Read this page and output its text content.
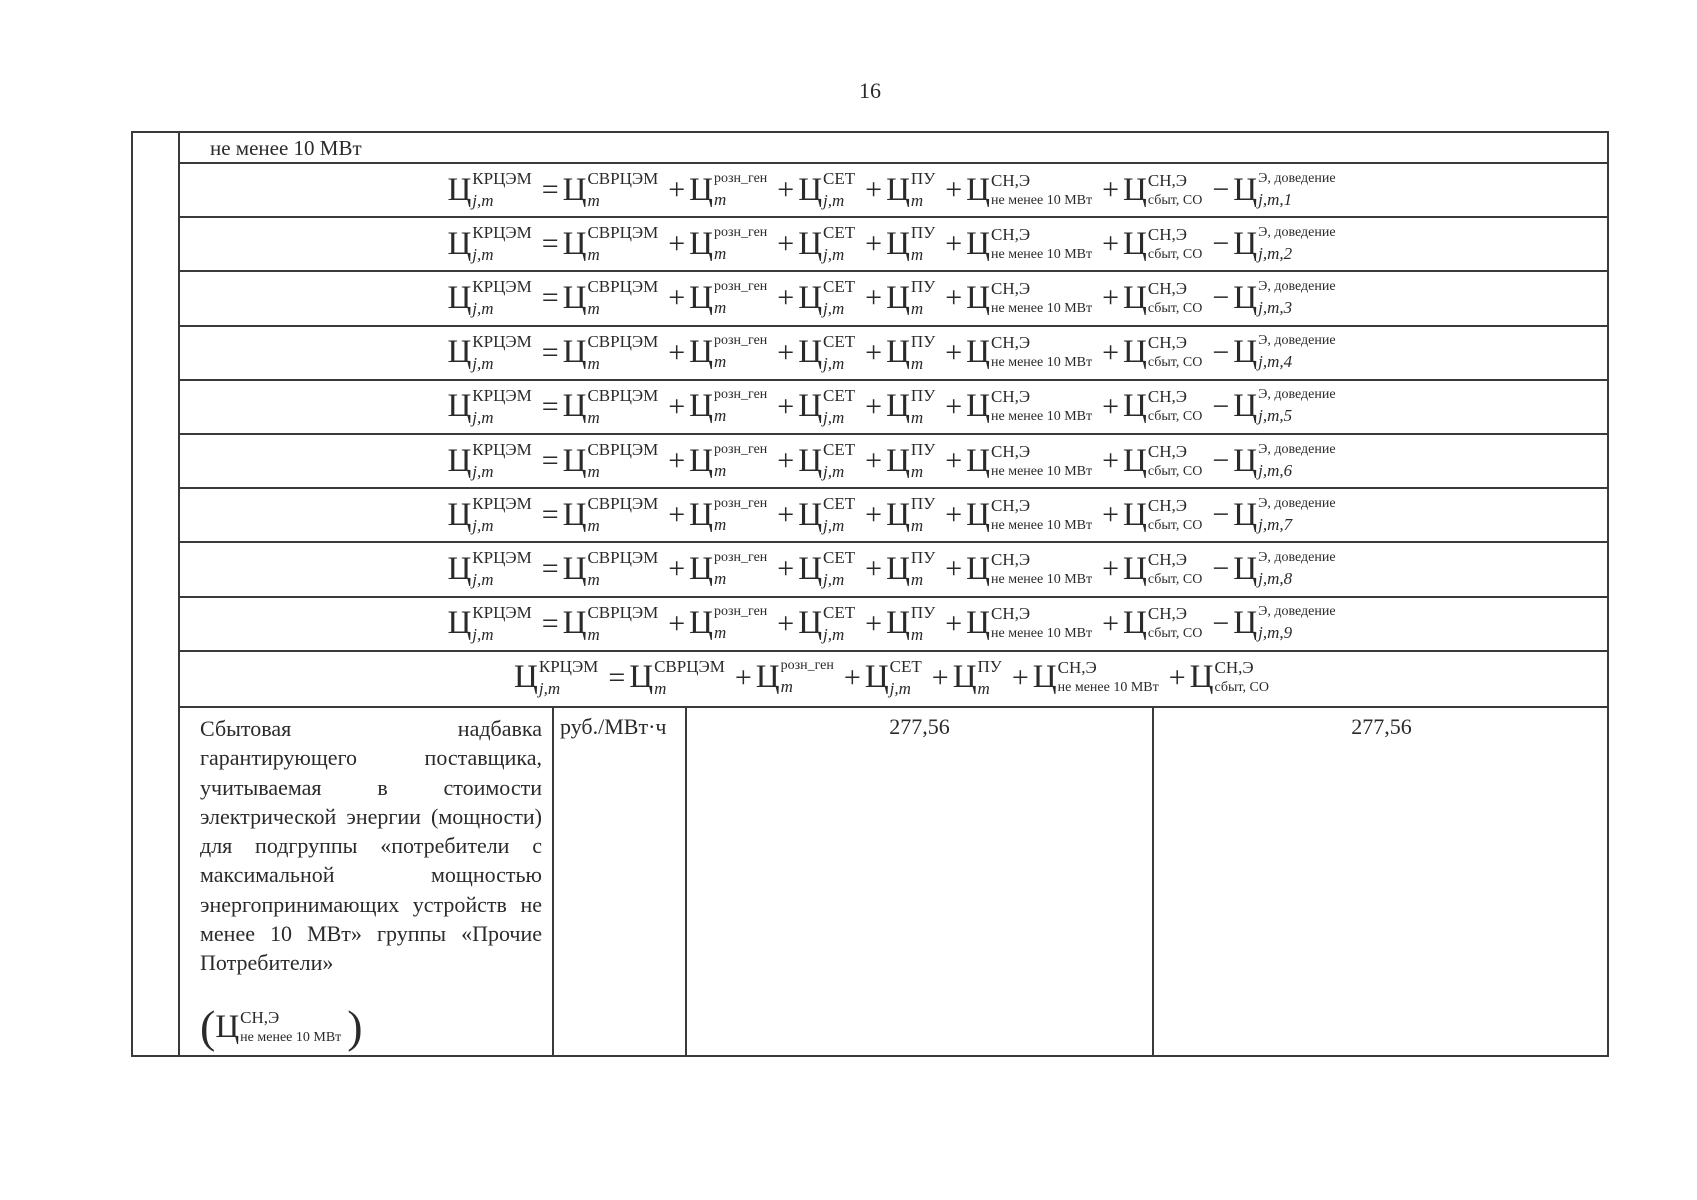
16
не менее 10 МВт
Ц КРЦЭМ
j,m	= Ц СВРЦЭМ
m	+ Ц розн_ген
m	+ Ц СЕТ
j,m + Ц ПУ
m + Ц СН,Э
не менее 10 МВт + Ц СН,Э
сбыт, СО − Ц Э, доведение
j,m,1
Ц КРЦЭМ
j,m	= Ц СВРЦЭМ
m	+ Ц розн_ген
m	+ Ц СЕТ
j,m + Ц ПУ
m + Ц СН,Э
не менее 10 МВт + Ц СН,Э
сбыт, СО − Ц Э, доведение
j,m,2
Ц КРЦЭМ
j,m	= Ц СВРЦЭМ
m	+ Ц розн_ген
m	+ Ц СЕТ
j,m + Ц ПУ
m + Ц СН,Э
не менее 10 МВт + Ц СН,Э
сбыт, СО − Ц Э, доведение
j,m,3
Ц КРЦЭМ
j,m	= Ц СВРЦЭМ
m	+ Ц розн_ген
m	+ Ц СЕТ
j,m + Ц ПУ
m + Ц СН,Э
не менее 10 МВт + Ц СН,Э
сбыт, СО − Ц Э, доведение
j,m,4
Ц КРЦЭМ
j,m	= Ц СВРЦЭМ
m	+ Ц розн_ген
m	+ Ц СЕТ
j,m + Ц ПУ
m + Ц СН,Э
не менее 10 МВт + Ц СН,Э
сбыт, СО − Ц Э, доведение
j,m,5
Ц КРЦЭМ
j,m	= Ц СВРЦЭМ
m	+ Ц розн_ген
m	+ Ц СЕТ
j,m + Ц ПУ
m + Ц СН,Э
не менее 10 МВт + Ц СН,Э
сбыт, СО − Ц Э, доведение
j,m,6
Ц КРЦЭМ
j,m	= Ц СВРЦЭМ
m	+ Ц розн_ген
m	+ Ц СЕТ
j,m + Ц ПУ
m + Ц СН,Э
не менее 10 МВт + Ц СН,Э
сбыт, СО − Ц Э, доведение
j,m,7
Ц КРЦЭМ
j,m	= Ц СВРЦЭМ
m	+ Ц розн_ген
m	+ Ц СЕТ
j,m + Ц ПУ
m + Ц СН,Э
не менее 10 МВт + Ц СН,Э
сбыт, СО − Ц Э, доведение
j,m,8
Ц КРЦЭМ
j,m	= Ц СВРЦЭМ
m	+ Ц розн_ген
m	+ Ц СЕТ
j,m + Ц ПУ
m + Ц СН,Э
не менее 10 МВт + Ц СН,Э
сбыт, СО − Ц Э, доведение
j,m,9
Ц КРЦЭМ
j,m	= Ц СВРЦЭМ
m	+ Ц розн_ген
m	+ Ц СЕТ
j,m + Ц ПУ
m + Ц СН,Э
не менее 10 МВт + Ц СН,Э
сбыт, СО
Сбытовая надбавка гарантирующего поставщика, учитываемая в стоимости электрической энергии (мощности) для подгруппы «потребители с максимальной мощностью энергопринимающих устройств не менее 10 МВт» группы «Прочие Потребители»
( Ц СН,Э
не менее 10 МВт )
руб./МВт·ч	277,56	277,56
